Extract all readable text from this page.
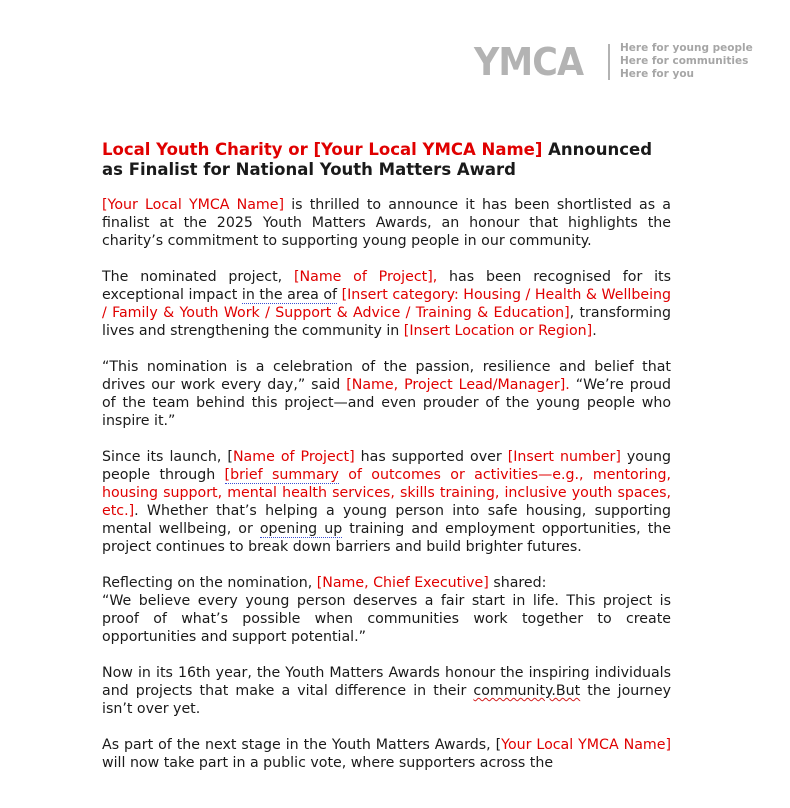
YMCA	Here for young people
Here for communities
Here for you

Local Youth Charity or [Your Local YMCA Name] Announced as Finalist for National Youth Matters Award

[Your Local YMCA Name] is thrilled to announce it has been shortlisted as a finalist at the 2025 Youth Matters Awards, an honour that highlights the charity’s commitment to supporting young people in our community.

The nominated project, [Name of Project], has been recognised for its exceptional impact in the area of [Insert category: Housing / Health & Wellbeing / Family & Youth Work / Support & Advice / Training & Education], transforming lives and strengthening the community in [Insert Location or Region].

“This nomination is a celebration of the passion, resilience and belief that drives our work every day,” said [Name, Project Lead/Manager]. “We’re proud of the team behind this project—and even prouder of the young people who inspire it.”

Since its launch, [Name of Project] has supported over [Insert number] young people through [brief summary of outcomes or activities—e.g., mentoring, housing support, mental health services, skills training, inclusive youth spaces, etc.]. Whether that’s helping a young person into safe housing, supporting mental wellbeing, or opening up training and employment opportunities, the project continues to break down barriers and build brighter futures.

Reflecting on the nomination, [Name, Chief Executive] shared:
“We believe every young person deserves a fair start in life. This project is proof of what’s possible when communities work together to create opportunities and support potential.”

Now in its 16th year, the Youth Matters Awards honour the inspiring individuals and projects that make a vital difference in their community.But the journey isn’t over yet.

As part of the next stage in the Youth Matters Awards, [Your Local YMCA Name] will now take part in a public vote, where supporters across the
